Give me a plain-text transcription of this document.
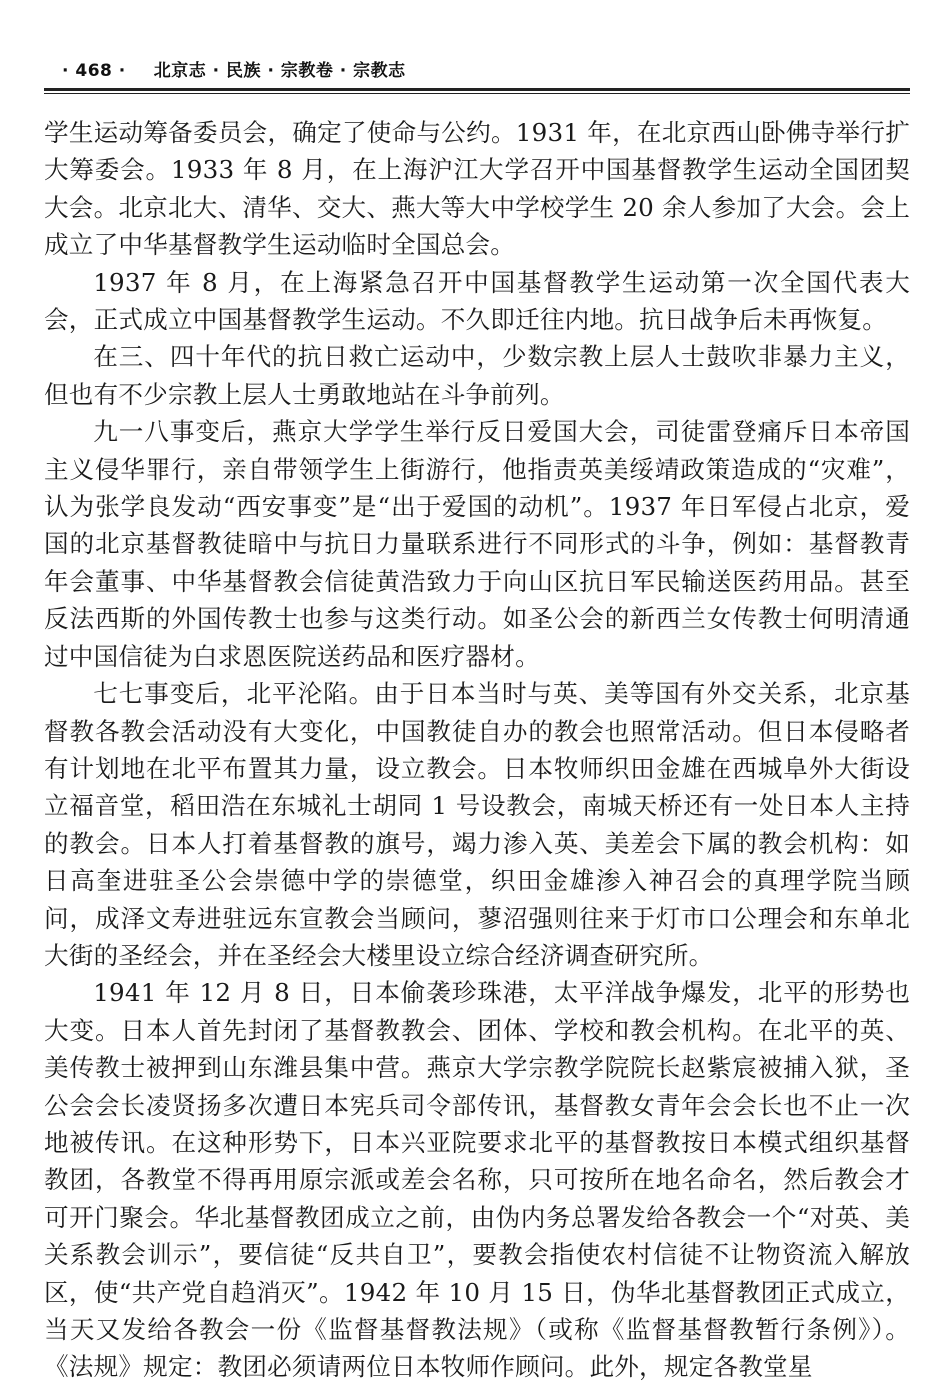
· 468 · 北京志 · 民族 · 宗教卷 · 宗教志

学生运动筹备委员会，确定了使命与公约。1931 年，在北京西山卧佛寺举行扩大筹委会。1933 年 8 月，在上海沪江大学召开中国基督教学生运动全国团契大会。北京北大、清华、交大、燕大等大中学校学生 20 余人参加了大会。会上成立了中华基督教学生运动临时全国总会。

1937 年 8 月，在上海紧急召开中国基督教学生运动第一次全国代表大会，正式成立中国基督教学生运动。不久即迁往内地。抗日战争后未再恢复。

在三、四十年代的抗日救亡运动中，少数宗教上层人士鼓吹非暴力主义，但也有不少宗教上层人士勇敢地站在斗争前列。

九一八事变后，燕京大学学生举行反日爱国大会，司徒雷登痛斥日本帝国主义侵华罪行，亲自带领学生上街游行，他指责英美绥靖政策造成的“灾难”，认为张学良发动“西安事变”是“出于爱国的动机”。1937 年日军侵占北京，爱国的北京基督教徒暗中与抗日力量联系进行不同形式的斗争，例如：基督教青年会董事、中华基督教会信徒黄浩致力于向山区抗日军民输送医药用品。甚至反法西斯的外国传教士也参与这类行动。如圣公会的新西兰女传教士何明清通过中国信徒为白求恩医院送药品和医疗器材。

七七事变后，北平沦陷。由于日本当时与英、美等国有外交关系，北京基督教各教会活动没有大变化，中国教徒自办的教会也照常活动。但日本侵略者有计划地在北平布置其力量，设立教会。日本牧师织田金雄在西城阜外大街设立福音堂，稻田浩在东城礼士胡同 1 号设教会，南城天桥还有一处日本人主持的教会。日本人打着基督教的旗号，竭力渗入英、美差会下属的教会机构：如日高奎进驻圣公会崇德中学的崇德堂，织田金雄渗入神召会的真理学院当顾问，成泽文寿进驻远东宣教会当顾问，蓼沼强则往来于灯市口公理会和东单北大街的圣经会，并在圣经会大楼里设立综合经济调查研究所。

1941 年 12 月 8 日，日本偷袭珍珠港，太平洋战争爆发，北平的形势也大变。日本人首先封闭了基督教教会、团体、学校和教会机构。在北平的英、美传教士被押到山东潍县集中营。燕京大学宗教学院院长赵紫宸被捕入狱，圣公会会长凌贤扬多次遭日本宪兵司令部传讯，基督教女青年会会长也不止一次地被传讯。在这种形势下，日本兴亚院要求北平的基督教按日本模式组织基督教团，各教堂不得再用原宗派或差会名称，只可按所在地名命名，然后教会才可开门聚会。华北基督教团成立之前，由伪内务总署发给各教会一个“对英、美关系教会训示”，要信徒“反共自卫”，要教会指使农村信徒不让物资流入解放区，使“共产党自趋消灭”。1942 年 10 月 15 日，伪华北基督教团正式成立，当天又发给各教会一份《监督基督教法规》（或称《监督基督教暂行条例》）。《法规》规定：教团必须请两位日本牧师作顾问。此外，规定各教堂星
